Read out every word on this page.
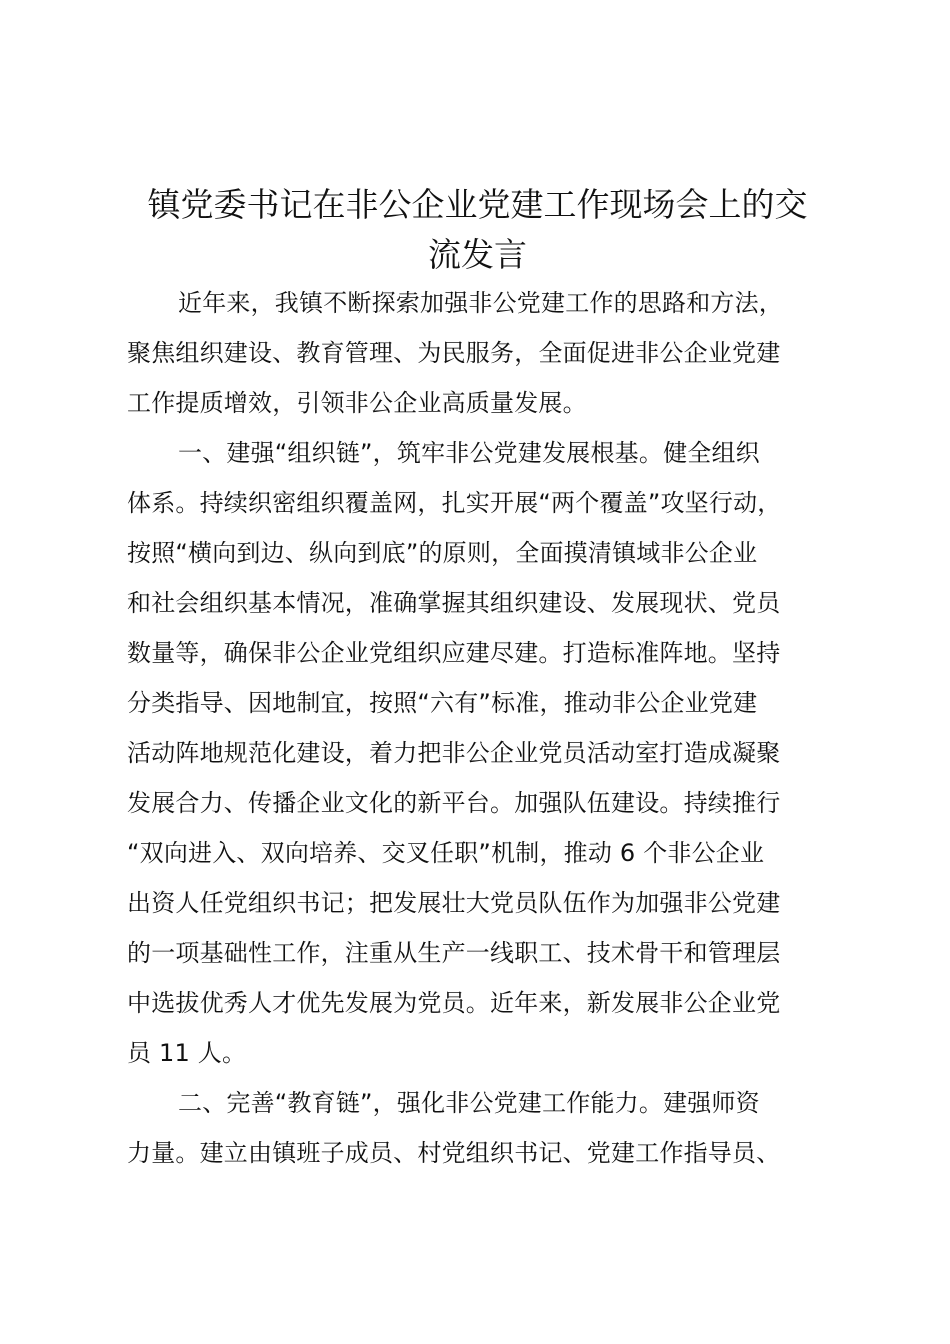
镇党委书记在非公企业党建工作现场会上的交
流发言

近年来，我镇不断探索加强非公党建工作的思路和方法，

聚焦组织建设、教育管理、为民服务，全面促进非公企业党建

工作提质增效，引领非公企业高质量发展。

一、建强“组织链”，筑牢非公党建发展根基。健全组织

体系。持续织密组织覆盖网，扎实开展“两个覆盖”攻坚行动，

按照“横向到边、纵向到底”的原则，全面摸清镇域非公企业

和社会组织基本情况，准确掌握其组织建设、发展现状、党员

数量等，确保非公企业党组织应建尽建。打造标准阵地。坚持

分类指导、因地制宜，按照“六有”标准，推动非公企业党建

活动阵地规范化建设，着力把非公企业党员活动室打造成凝聚

发展合力、传播企业文化的新平台。加强队伍建设。持续推行

“双向进入、双向培养、交叉任职”机制，推动 6 个非公企业

出资人任党组织书记；把发展壮大党员队伍作为加强非公党建

的一项基础性工作，注重从生产一线职工、技术骨干和管理层

中选拔优秀人才优先发展为党员。近年来，新发展非公企业党

员 11 人。

二、完善“教育链”，强化非公党建工作能力。建强师资

力量。建立由镇班子成员、村党组织书记、党建工作指导员、
